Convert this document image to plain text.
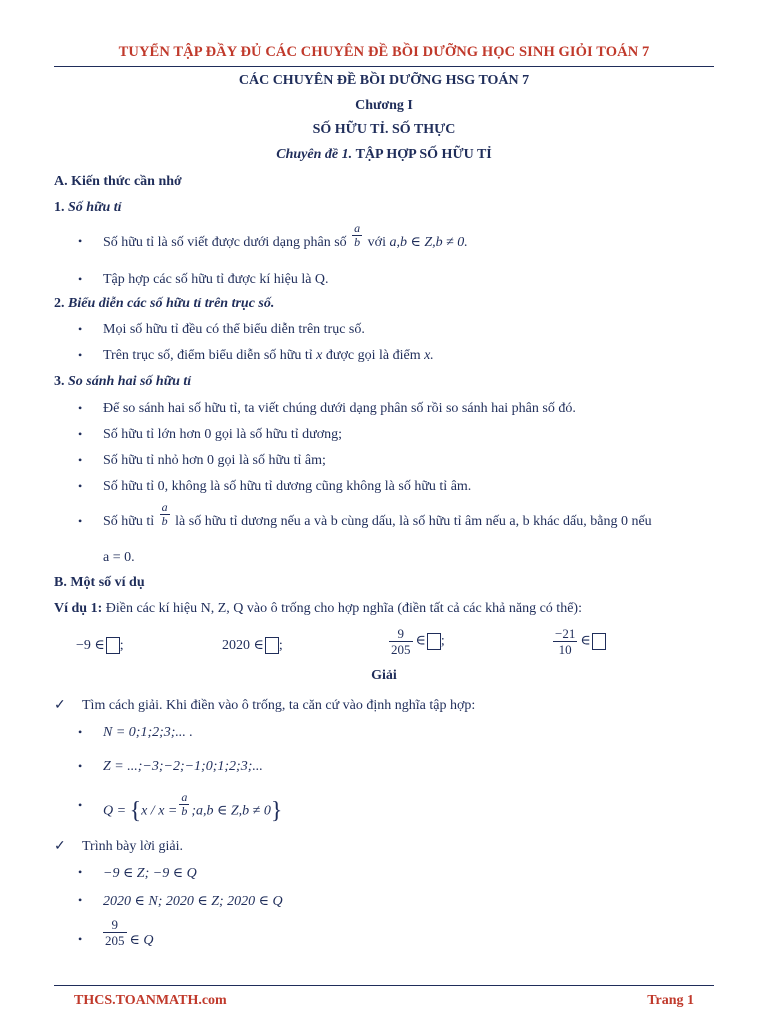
TUYỂN TẬP ĐẦY ĐỦ CÁC CHUYÊN ĐỀ BỒI DƯỠNG HỌC SINH GIỎI TOÁN 7
CÁC CHUYÊN ĐỀ BỒI DƯỠNG HSG TOÁN 7
Chương I
SỐ HỮU TỈ. SỐ THỰC
Chuyên đề 1. TẬP HỢP SỐ HỮU TỈ
A. Kiến thức cần nhớ
1. Số hữu tỉ
• Số hữu tỉ là số viết được dưới dạng phân số $\frac{a}{b}$ với a,b ∈ Z,b ≠ 0.
• Tập hợp các số hữu tỉ được kí hiệu là Q.
2. Biểu diễn các số hữu tỉ trên trục số.
• Mọi số hữu tỉ đều có thể biểu diễn trên trục số.
• Trên trục số, điểm biểu diễn số hữu tỉ x được gọi là điểm x.
3. So sánh hai số hữu tỉ
• Để so sánh hai số hữu tỉ, ta viết chúng dưới dạng phân số rồi so sánh hai phân số đó.
• Số hữu tỉ lớn hơn 0 gọi là số hữu tỉ dương;
• Số hữu tỉ nhỏ hơn 0 gọi là số hữu tỉ âm;
• Số hữu tỉ 0, không là số hữu tỉ dương cũng không là số hữu tỉ âm.
• Số hữu tỉ $\frac{a}{b}$ là số hữu tỉ dương nếu a và b cùng dấu, là số hữu tỉ âm nếu a, b khác dấu, bằng 0 nếu
a = 0.
B. Một số ví dụ
Ví dụ 1: Điền các kí hiệu N, Z, Q vào ô trống cho hợp nghĩa (điền tất cả các khả năng có thể):
−9 ∈ ;	2020 ∈ ;	$\frac{9}{205}$ ∈ ;	$\frac{-21}{10}$ ∈
Giải
✓ Tìm cách giải. Khi điền vào ô trống, ta căn cứ vào định nghĩa tập hợp:
• N = 0;1;2;3;... .
• Z = ...;−3;−2;−1;0;1;2;3;...
• $Q = \{x / x = \frac{a}{b}$ ;a,b ∈ Z,b ≠ 0}
✓ Trình bày lời giải.
• −9 ∈ Z; −9 ∈ Q
• 2020 ∈ N; 2020 ∈ Z; 2020 ∈ Q
• $\frac{9}{205}$ ∈ Q
THCS.TOANMATH.com	Trang 1
